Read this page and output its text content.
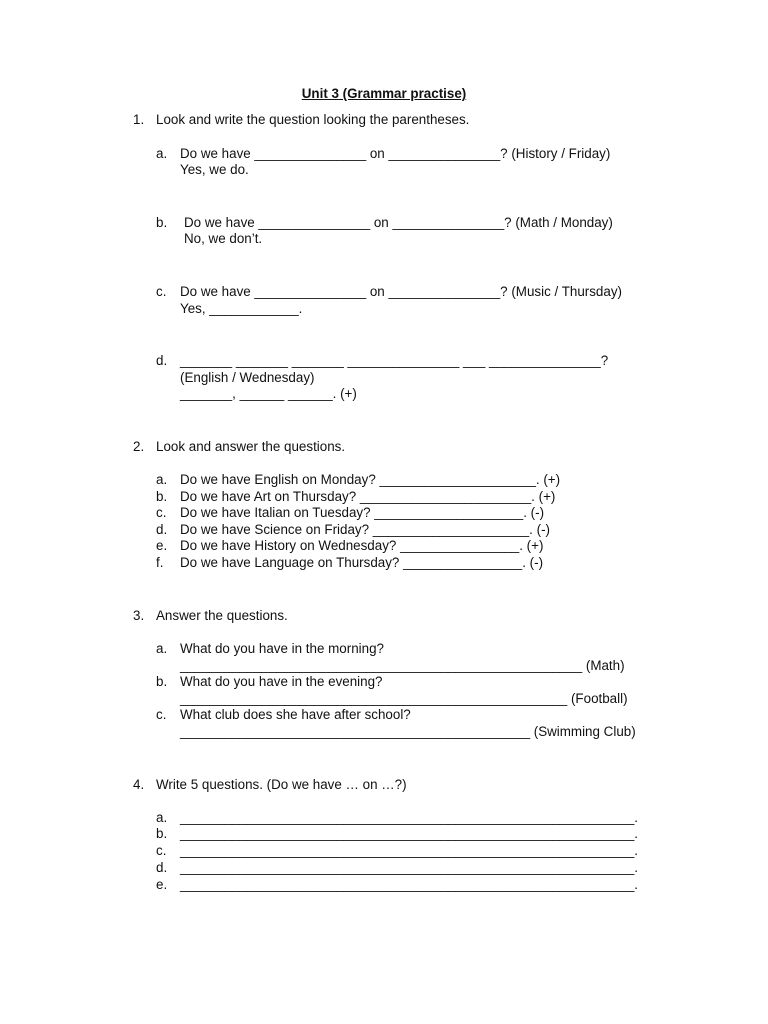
Unit 3 (Grammar practise)
1. Look and write the question looking the parentheses.
a. Do we have _______________ on _______________? (History / Friday)
Yes, we do.
b. Do we have _______________ on _______________? (Math / Monday)
No, we don’t.
c. Do we have _______________ on _______________? (Music / Thursday)
Yes, ____________.
d. _______ _______ _______ _______________ ___ _______________?
(English / Wednesday)
_______, ______ ______. (+)
2. Look and answer the questions.
a. Do we have English on Monday? _____________________. (+)
b. Do we have Art on Thursday? _______________________. (+)
c. Do we have Italian on Tuesday? ____________________. (-)
d. Do we have Science on Friday? _____________________. (-)
e. Do we have History on Wednesday? ________________. (+)
f. Do we have Language on Thursday? ________________. (-)
3. Answer the questions.
a. What do you have in the morning?
______________________________________________________ (Math)
b. What do you have in the evening?
____________________________________________________ (Football)
c. What club does she have after school?
_______________________________________________ (Swimming Club)
4. Write 5 questions. (Do we have … on …?)
a. _____________________________________________________________.
b. _____________________________________________________________.
c. _____________________________________________________________.
d. _____________________________________________________________.
e. _____________________________________________________________.
